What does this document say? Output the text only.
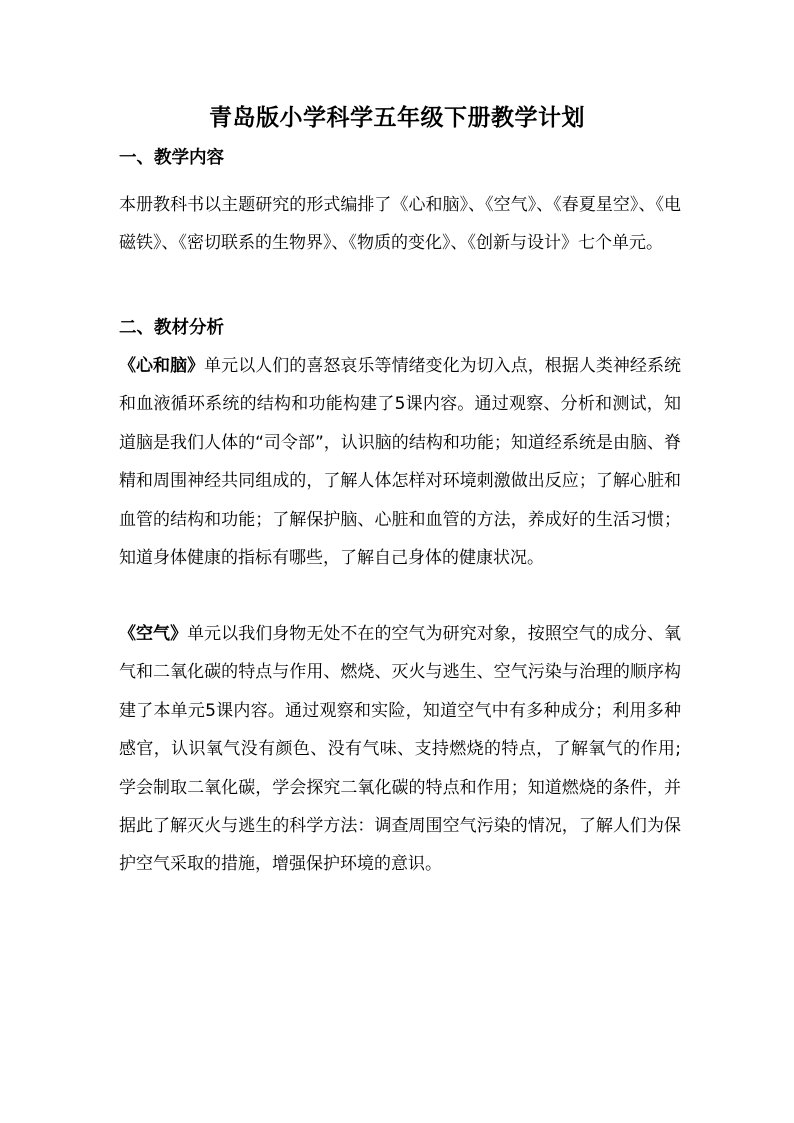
青岛版小学科学五年级下册教学计划
一、教学内容

本册教科书以主题研究的形式编排了《心和脑》、《空气》、《春夏星空》、《电磁铁》、《密切联系的生物界》、《物质的变化》、《创新与设计》七个单元。

二、教材分析

《心和脑》单元以人们的喜怒哀乐等情绪变化为切入点，根据人类神经系统和血液循环系统的结构和功能构建了5课内容。通过观察、分析和测试，知道脑是我们人体的“司令部”，认识脑的结构和功能；知道经系统是由脑、脊精和周围神经共同组成的，了解人体怎样对环境刺激做出反应；了解心脏和血管的结构和功能；了解保护脑、心脏和血管的方法，养成好的生活习惯；知道身体健康的指标有哪些，了解自己身体的健康状况。

《空气》单元以我们身物无处不在的空气为研究对象，按照空气的成分、氧气和二氧化碳的特点与作用、燃烧、灭火与逃生、空气污染与治理的顺序构建了本单元5课内容。通过观察和实险，知道空气中有多种成分；利用多种感官，认识氧气没有颜色、没有气味、支持燃烧的特点，了解氧气的作用;学会制取二氧化碳，学会探究二氧化碳的特点和作用；知道燃烧的条件，并据此了解灭火与逃生的科学方法：调查周围空气污染的情况，了解人们为保护空气采取的措施，增强保护环境的意识。
